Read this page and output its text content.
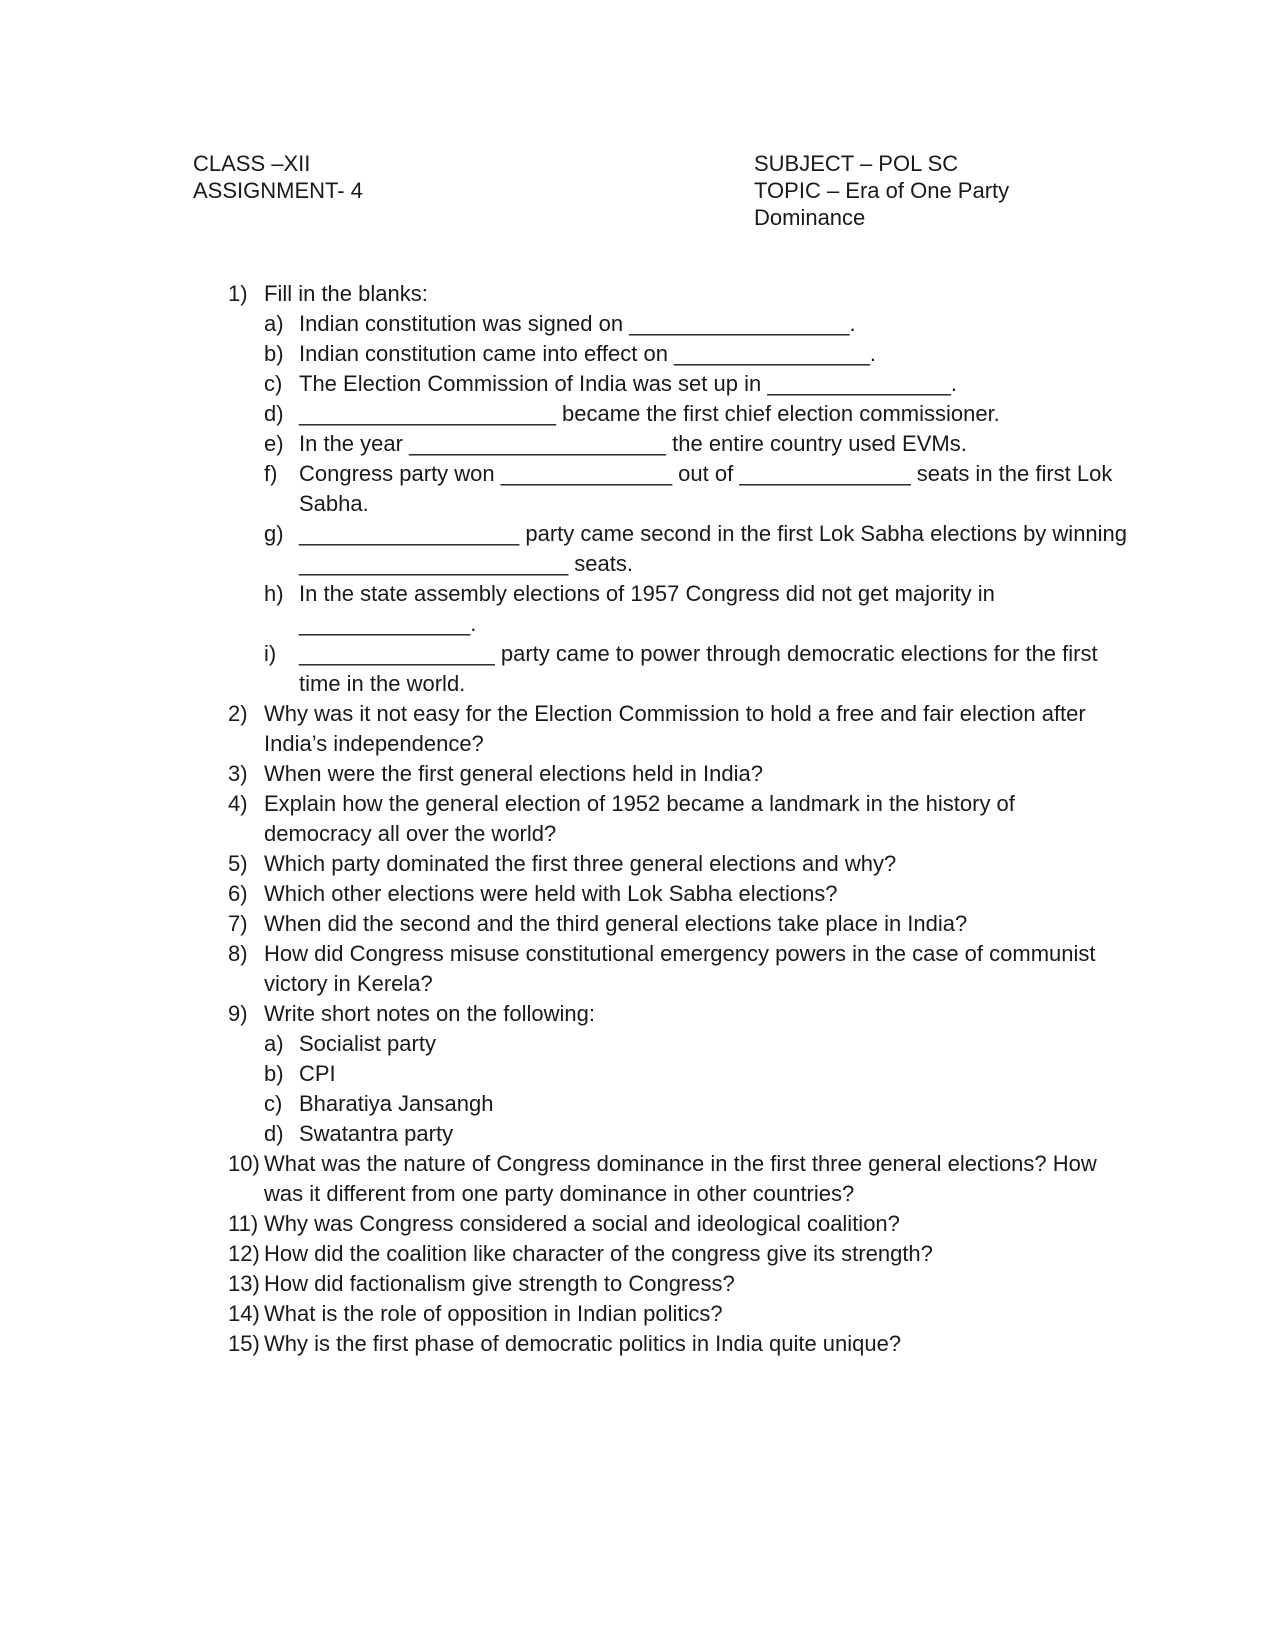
CLASS –XII
ASSIGNMENT- 4
SUBJECT – POL SC
TOPIC – Era of One Party
Dominance
1) Fill in the blanks:
a) Indian constitution was signed on __________________.
b) Indian constitution came into effect on ________________.
c) The Election Commission of India was set up in _______________.
d) _____________________ became the first chief election commissioner.
e) In the year _____________________ the entire country used EVMs.
f) Congress party won ______________ out of ______________ seats in the first Lok Sabha.
g) __________________ party came second in the first Lok Sabha elections by winning ______________________ seats.
h) In the state assembly elections of 1957 Congress did not get majority in ______________.
i)	________________ party came to power through democratic elections for the first time in the world.
2) Why was it not easy for the Election Commission to hold a free and fair election after India’s independence?
3) When were the first general elections held in India?
4) Explain how the general election of 1952 became a landmark in the history of democracy all over the world?
5) Which party dominated the first three general elections and why?
6) Which other elections were held with Lok Sabha elections?
7) When did the second and the third general elections take place in India?
8) How did Congress misuse constitutional emergency powers in the case of communist victory in Kerela?
9) Write short notes on the following:
a) Socialist party
b) CPI
c) Bharatiya Jansangh
d) Swatantra party
10) What was the nature of Congress dominance in the first three general elections? How was it different from one party dominance in other countries?
11) Why was Congress considered a social and ideological coalition?
12) How did the coalition like character of the congress give its strength?
13) How did factionalism give strength to Congress?
14) What is the role of opposition in Indian politics?
15) Why is the first phase of democratic politics in India quite unique?
